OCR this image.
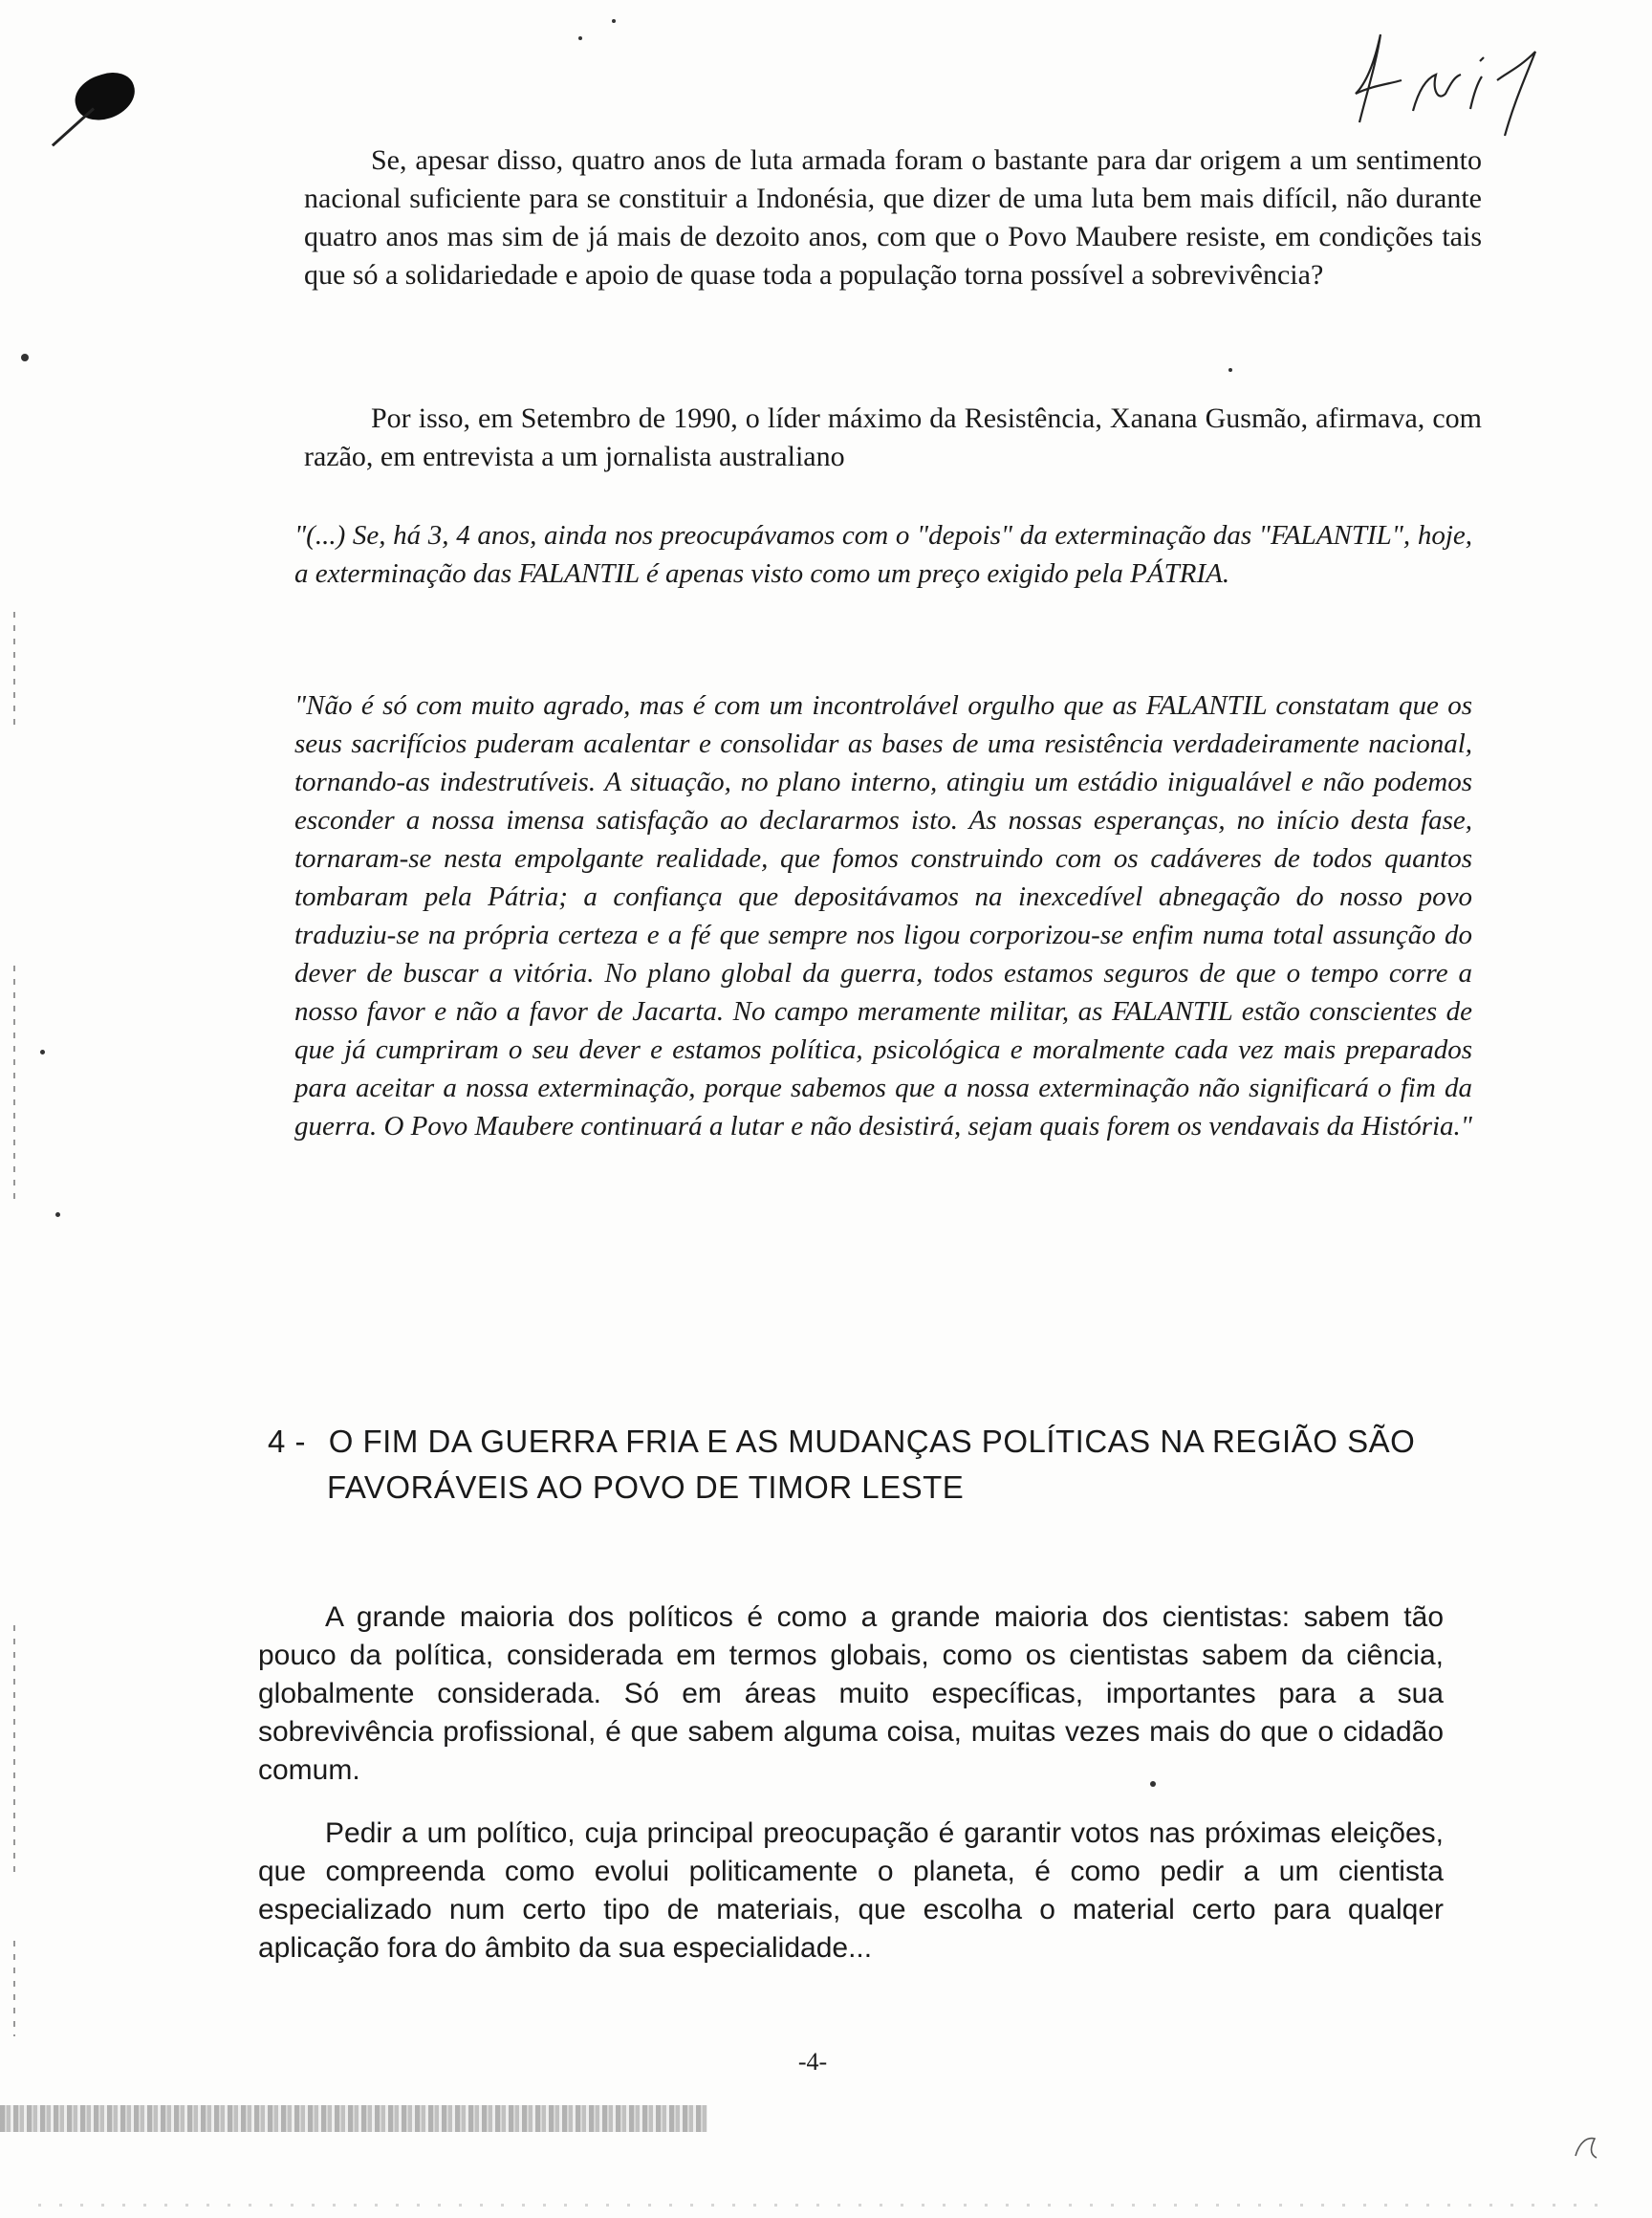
Se, apesar disso, quatro anos de luta armada foram o bastante para dar origem a um sentimento nacional suficiente para se constituir a Indonésia, que dizer de uma luta bem mais difícil, não durante quatro anos mas sim de já mais de dezoito anos, com que o Povo Maubere resiste, em condições tais que só a solidariedade e apoio de quase toda a população torna possível a sobrevivência?

Por isso, em Setembro de 1990, o líder máximo da Resistência, Xanana Gusmão, afirmava, com razão, em entrevista a um jornalista australiano

"(...) Se, há 3, 4 anos, ainda nos preocupávamos com o "depois" da exterminação das "FALANTIL", hoje, a exterminação das FALANTIL é apenas visto como um preço exigido pela PÁTRIA.

"Não é só com muito agrado, mas é com um incontrolável orgulho que as FALANTIL constatam que os seus sacrifícios puderam acalentar e consolidar as bases de uma resistência verdadeiramente nacional, tornando-as indestrutíveis. A situação, no plano interno, atingiu um estádio inigualável e não podemos esconder a nossa imensa satisfação ao declararmos isto. As nossas esperanças, no início desta fase, tornaram-se nesta empolgante realidade, que fomos construindo com os cadáveres de todos quantos tombaram pela Pátria; a confiança que depositávamos na inexcedível abnegação do nosso povo traduziu-se na própria certeza e a fé que sempre nos ligou corporizou-se enfim numa total assunção do dever de buscar a vitória. No plano global da guerra, todos estamos seguros de que o tempo corre a nosso favor e não a favor de Jacarta. No campo meramente militar, as FALANTIL estão conscientes de que já cumpriram o seu dever e estamos política, psicológica e moralmente cada vez mais preparados para aceitar a nossa exterminação, porque sabemos que a nossa exterminação não significará o fim da guerra. O Povo Maubere continuará a lutar e não desistirá, sejam quais forem os vendavais da História."

4 - O FIM DA GUERRA FRIA E AS MUDANÇAS POLÍTICAS NA REGIÃO SÃO
FAVORÁVEIS AO POVO DE TIMOR LESTE

A grande maioria dos políticos é como a grande maioria dos cientistas: sabem tão pouco da política, considerada em termos globais, como os cientistas sabem da ciência, globalmente considerada. Só em áreas muito específicas, importantes para a sua sobrevivência profissional, é que sabem alguma coisa, muitas vezes mais do que o cidadão comum.

Pedir a um político, cuja principal preocupação é garantir votos nas próximas eleições, que compreenda como evolui politicamente o planeta, é como pedir a um cientista especializado num certo tipo de materiais, que escolha o material certo para qualqer aplicação fora do âmbito da sua especialidade...

-4-
